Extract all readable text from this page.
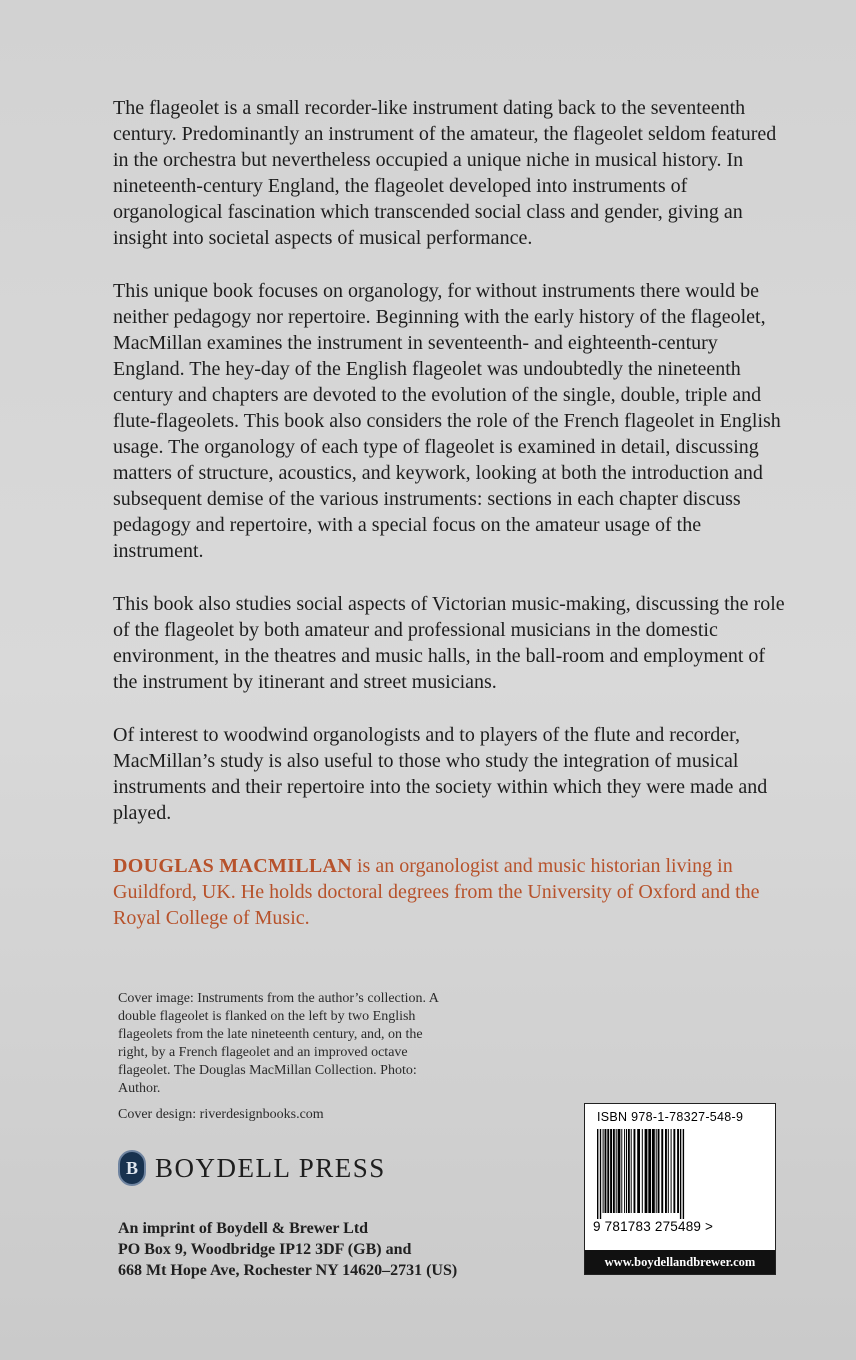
The flageolet is a small recorder-like instrument dating back to the seventeenth century. Predominantly an instrument of the amateur, the flageolet seldom featured in the orchestra but nevertheless occupied a unique niche in musical history. In nineteenth-century England, the flageolet developed into instruments of organological fascination which transcended social class and gender, giving an insight into societal aspects of musical performance.

This unique book focuses on organology, for without instruments there would be neither pedagogy nor repertoire. Beginning with the early history of the flageolet, MacMillan examines the instrument in seventeenth- and eighteenth-century England. The hey-day of the English flageolet was undoubtedly the nineteenth century and chapters are devoted to the evolution of the single, double, triple and flute-flageolets. This book also considers the role of the French flageolet in English usage. The organology of each type of flageolet is examined in detail, discussing matters of structure, acoustics, and keywork, looking at both the introduction and subsequent demise of the various instruments: sections in each chapter discuss pedagogy and repertoire, with a special focus on the amateur usage of the instrument.

This book also studies social aspects of Victorian music-making, discussing the role of the flageolet by both amateur and professional musicians in the domestic environment, in the theatres and music halls, in the ball-room and employment of the instrument by itinerant and street musicians.

Of interest to woodwind organologists and to players of the flute and recorder, MacMillan’s study is also useful to those who study the integration of musical instruments and their repertoire into the society within which they were made and played.

DOUGLAS MACMILLAN is an organologist and music historian living in Guildford, UK. He holds doctoral degrees from the University of Oxford and the Royal College of Music.

Cover image: Instruments from the author’s collection. A double flageolet is flanked on the left by two English flageolets from the late nineteenth century, and, on the right, by a French flageolet and an improved octave flageolet. The Douglas MacMillan Collection. Photo: Author.

Cover design: riverdesignbooks.com

B BOYDELL PRESS

An imprint of Boydell & Brewer Ltd

PO Box 9, Woodbridge IP12 3DF (GB) and

668 Mt Hope Ave, Rochester NY 14620–2731 (US)

ISBN 978-1-78327-548-9
9 781783 275489 >
www.boydellandbrewer.com
